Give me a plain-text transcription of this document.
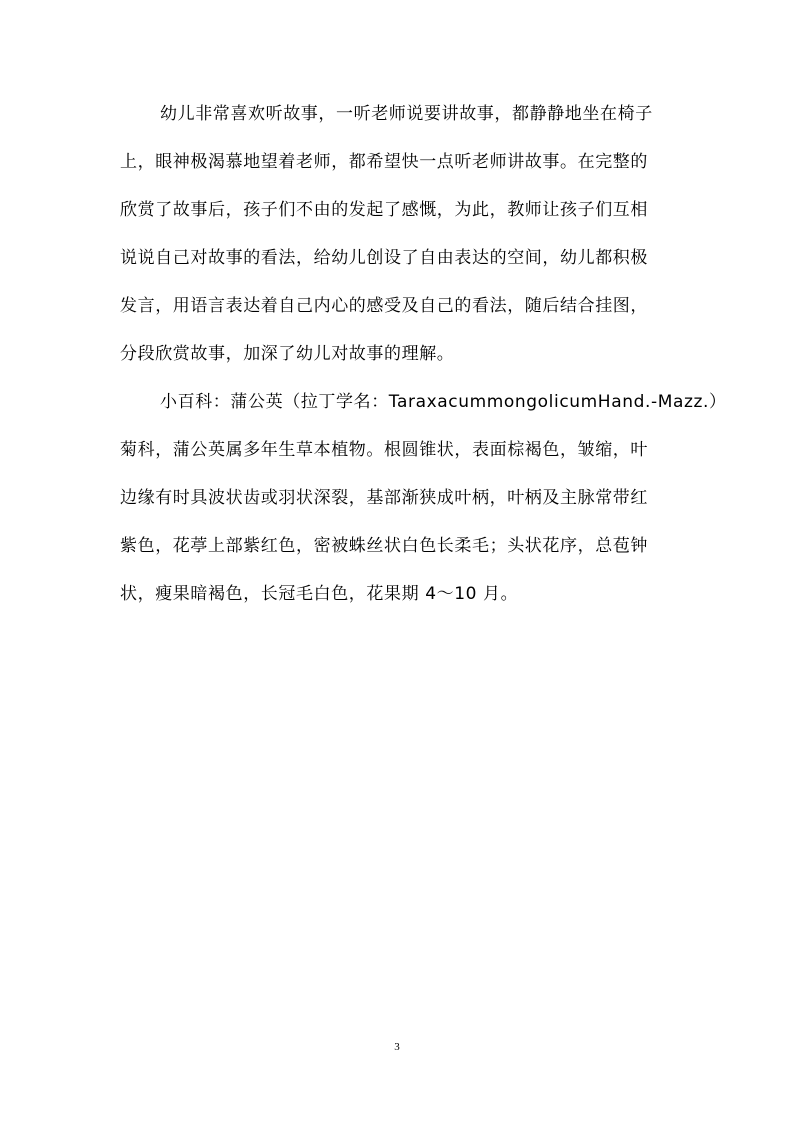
幼儿非常喜欢听故事，一听老师说要讲故事，都静静地坐在椅子
上，眼神极渴慕地望着老师，都希望快一点听老师讲故事。在完整的
欣赏了故事后，孩子们不由的发起了感慨，为此，教师让孩子们互相
说说自己对故事的看法，给幼儿创设了自由表达的空间，幼儿都积极
发言，用语言表达着自己内心的感受及自己的看法，随后结合挂图，
分段欣赏故事，加深了幼儿对故事的理解。
小百科：蒲公英（拉丁学名：TaraxacummongolicumHand.-Mazz.）
菊科，蒲公英属多年生草本植物。根圆锥状，表面棕褐色，皱缩，叶
边缘有时具波状齿或羽状深裂，基部渐狭成叶柄，叶柄及主脉常带红
紫色，花葶上部紫红色，密被蛛丝状白色长柔毛；头状花序，总苞钟
状，瘦果暗褐色，长冠毛白色，花果期 4～10 月。
3
